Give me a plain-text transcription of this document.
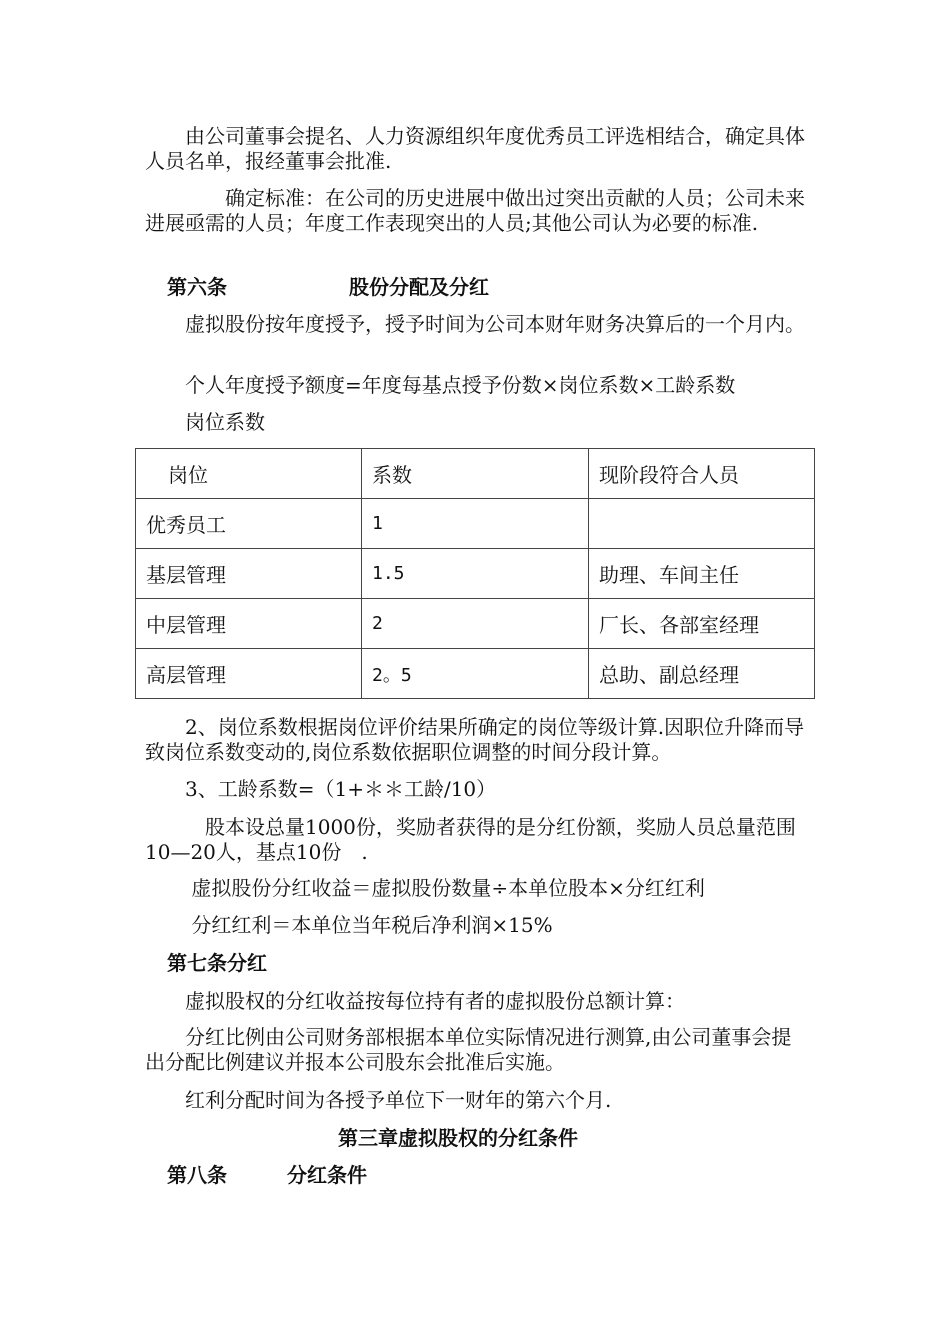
　　由公司董事会提名、人力资源组织年度优秀员工评选相结合，确定具体人员名单，报经董事会批准.

　　　　确定标准：在公司的历史进展中做出过突出贡献的人员；公司未来进展亟需的人员；年度工作表现突出的人员;其他公司认为必要的标准.

第六条	股份分配及分红

　　虚拟股份按年度授予，授予时间为公司本财年财务决算后的一个月内。

　　个人年度授予额度=年度每基点授予份数×岗位系数×工龄系数

　　岗位系数

岗位	系数	现阶段符合人员
优秀员工	1	
基层管理	1.5	助理、车间主任
中层管理	2	厂长、各部室经理
高层管理	2。5	总助、副总经理

　　2、岗位系数根据岗位评价结果所确定的岗位等级计算.因职位升降而导致岗位系数变动的,岗位系数依据职位调整的时间分段计算。

　　3、工龄系数=（1+＊＊工龄/10）

　　　股本设总量1000份，奖励者获得的是分红份额，奖励人员总量范围10—20人，基点10份　.

　　 虚拟股份分红收益＝虚拟股份数量÷本单位股本×分红红利

　　 分红红利＝本单位当年税后净利润×15%

第七条分红

　　虚拟股权的分红收益按每位持有者的虚拟股份总额计算：

　　分红比例由公司财务部根据本单位实际情况进行测算,由公司董事会提出分配比例建议并报本公司股东会批准后实施。

　　红利分配时间为各授予单位下一财年的第六个月.

第三章虚拟股权的分红条件
第八条	分红条件
